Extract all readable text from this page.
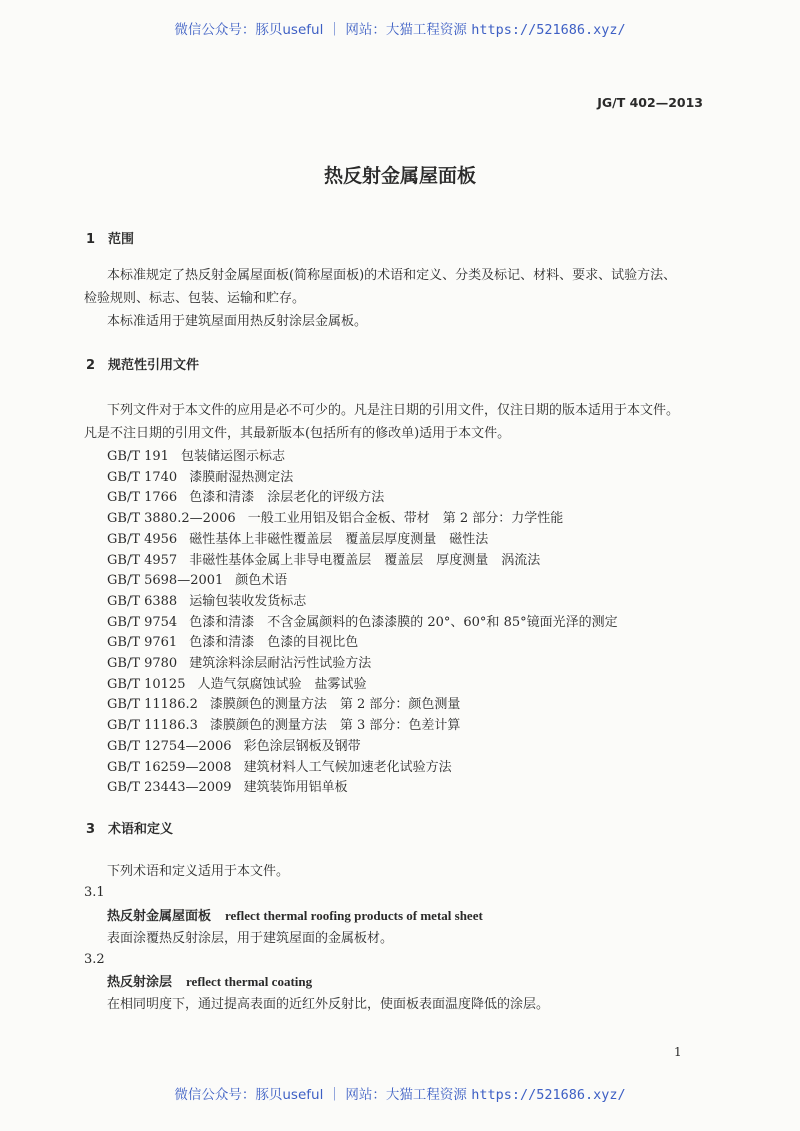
微信公众号：豚贝useful ｜ 网站：大猫工程资源 https://521686.xyz/
JG/T 402—2013
热反射金属屋面板
1　范围
本标准规定了热反射金属屋面板(简称屋面板)的术语和定义、分类及标记、材料、要求、试验方法、
检验规则、标志、包装、运输和贮存。
本标准适用于建筑屋面用热反射涂层金属板。
2　规范性引用文件
下列文件对于本文件的应用是必不可少的。凡是注日期的引用文件，仅注日期的版本适用于本文件。
凡是不注日期的引用文件，其最新版本(包括所有的修改单)适用于本文件。
GB/T 191 包装储运图示标志
GB/T 1740 漆膜耐湿热测定法
GB/T 1766 色漆和清漆　涂层老化的评级方法
GB/T 3880.2—2006 一般工业用铝及铝合金板、带材　第 2 部分：力学性能
GB/T 4956 磁性基体上非磁性覆盖层　覆盖层厚度测量　磁性法
GB/T 4957 非磁性基体金属上非导电覆盖层　覆盖层　厚度测量　涡流法
GB/T 5698—2001 颜色术语
GB/T 6388 运输包装收发货标志
GB/T 9754 色漆和清漆　不含金属颜料的色漆漆膜的 20°、60°和 85°镜面光泽的测定
GB/T 9761 色漆和清漆　色漆的目视比色
GB/T 9780 建筑涂料涂层耐沾污性试验方法
GB/T 10125 人造气氛腐蚀试验　盐雾试验
GB/T 11186.2 漆膜颜色的测量方法　第 2 部分：颜色测量
GB/T 11186.3 漆膜颜色的测量方法　第 3 部分：色差计算
GB/T 12754—2006 彩色涂层钢板及钢带
GB/T 16259—2008 建筑材料人工气候加速老化试验方法
GB/T 23443—2009 建筑装饰用铝单板
3　术语和定义
下列术语和定义适用于本文件。
3.1
热反射金属屋面板 reflect thermal roofing products of metal sheet
表面涂覆热反射涂层，用于建筑屋面的金属板材。
3.2
热反射涂层 reflect thermal coating
在相同明度下，通过提高表面的近红外反射比，使面板表面温度降低的涂层。
1
微信公众号：豚贝useful ｜ 网站：大猫工程资源 https://521686.xyz/
